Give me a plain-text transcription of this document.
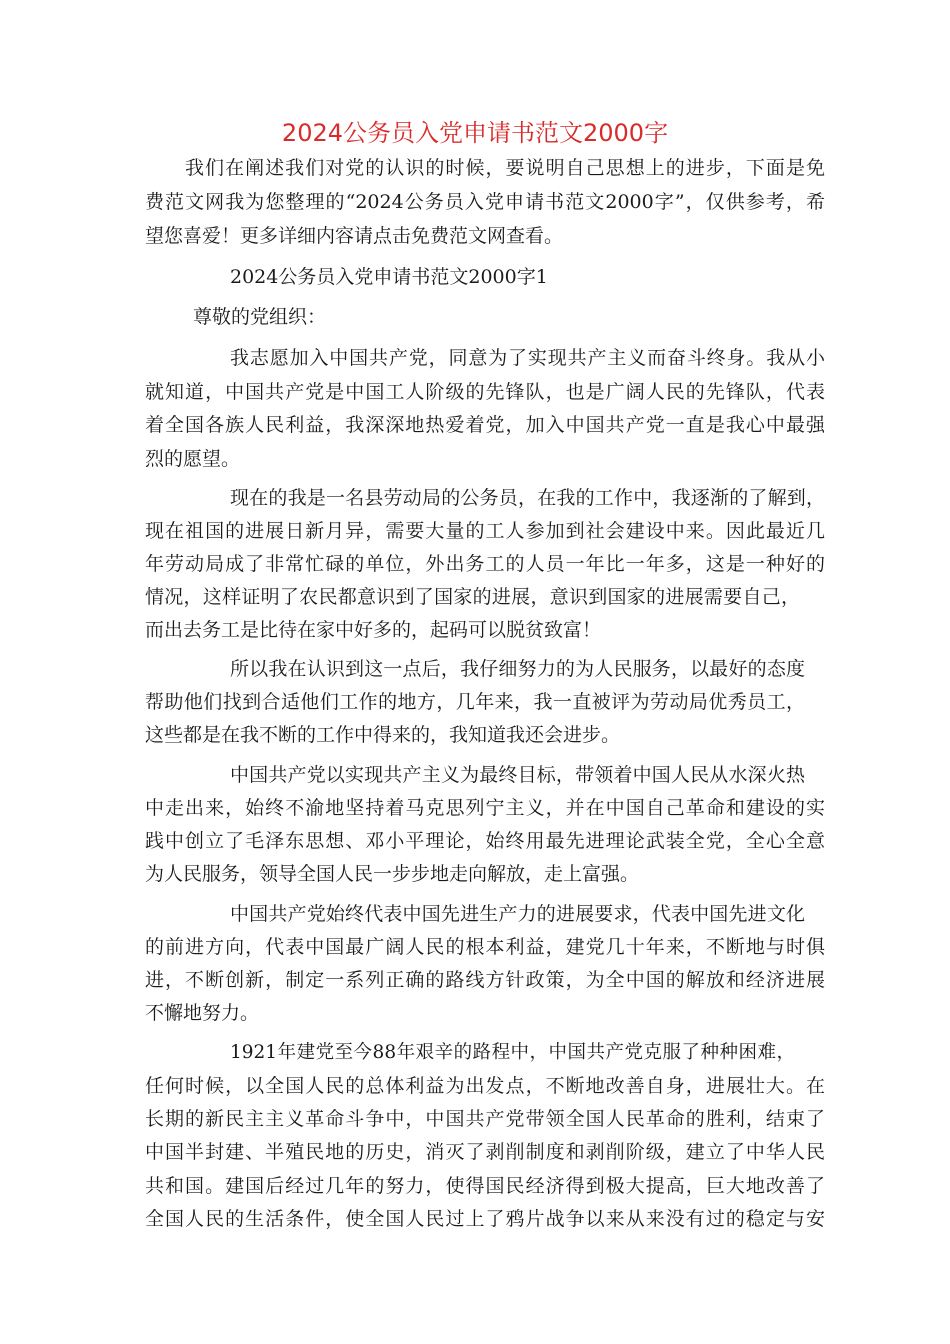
2024公务员入党申请书范文2000字

我们在阐述我们对党的认识的时候，要说明自己思想上的进步，下面是免

费范文网我为您整理的“2024公务员入党申请书范文2000字”，仅供参考，希

望您喜爱！更多详细内容请点击免费范文网查看。

2024公务员入党申请书范文2000字1

尊敬的党组织：

我志愿加入中国共产党，同意为了实现共产主义而奋斗终身。我从小

就知道，中国共产党是中国工人阶级的先锋队，也是广阔人民的先锋队，代表

着全国各族人民利益，我深深地热爱着党，加入中国共产党一直是我心中最强

烈的愿望。

现在的我是一名县劳动局的公务员，在我的工作中，我逐渐的了解到，

现在祖国的进展日新月异，需要大量的工人参加到社会建设中来。因此最近几

年劳动局成了非常忙碌的单位，外出务工的人员一年比一年多，这是一种好的

情况，这样证明了农民都意识到了国家的进展，意识到国家的进展需要自己，

而出去务工是比待在家中好多的，起码可以脱贫致富！

所以我在认识到这一点后，我仔细努力的为人民服务，以最好的态度

帮助他们找到合适他们工作的地方，几年来，我一直被评为劳动局优秀员工，

这些都是在我不断的工作中得来的，我知道我还会进步。

中国共产党以实现共产主义为最终目标，带领着中国人民从水深火热

中走出来，始终不渝地坚持着马克思列宁主义，并在中国自己革命和建设的实

践中创立了毛泽东思想、邓小平理论，始终用最先进理论武装全党，全心全意

为人民服务，领导全国人民一步步地走向解放，走上富强。

中国共产党始终代表中国先进生产力的进展要求，代表中国先进文化

的前进方向，代表中国最广阔人民的根本利益，建党几十年来，不断地与时俱

进，不断创新，制定一系列正确的路线方针政策，为全中国的解放和经济进展

不懈地努力。

1921年建党至今88年艰辛的路程中，中国共产党克服了种种困难，

任何时候，以全国人民的总体利益为出发点，不断地改善自身，进展壮大。在

长期的新民主主义革命斗争中，中国共产党带领全国人民革命的胜利，结束了

中国半封建、半殖民地的历史，消灭了剥削制度和剥削阶级，建立了中华人民

共和国。建国后经过几年的努力，使得国民经济得到极大提高，巨大地改善了

全国人民的生活条件，使全国人民过上了鸦片战争以来从来没有过的稳定与安
